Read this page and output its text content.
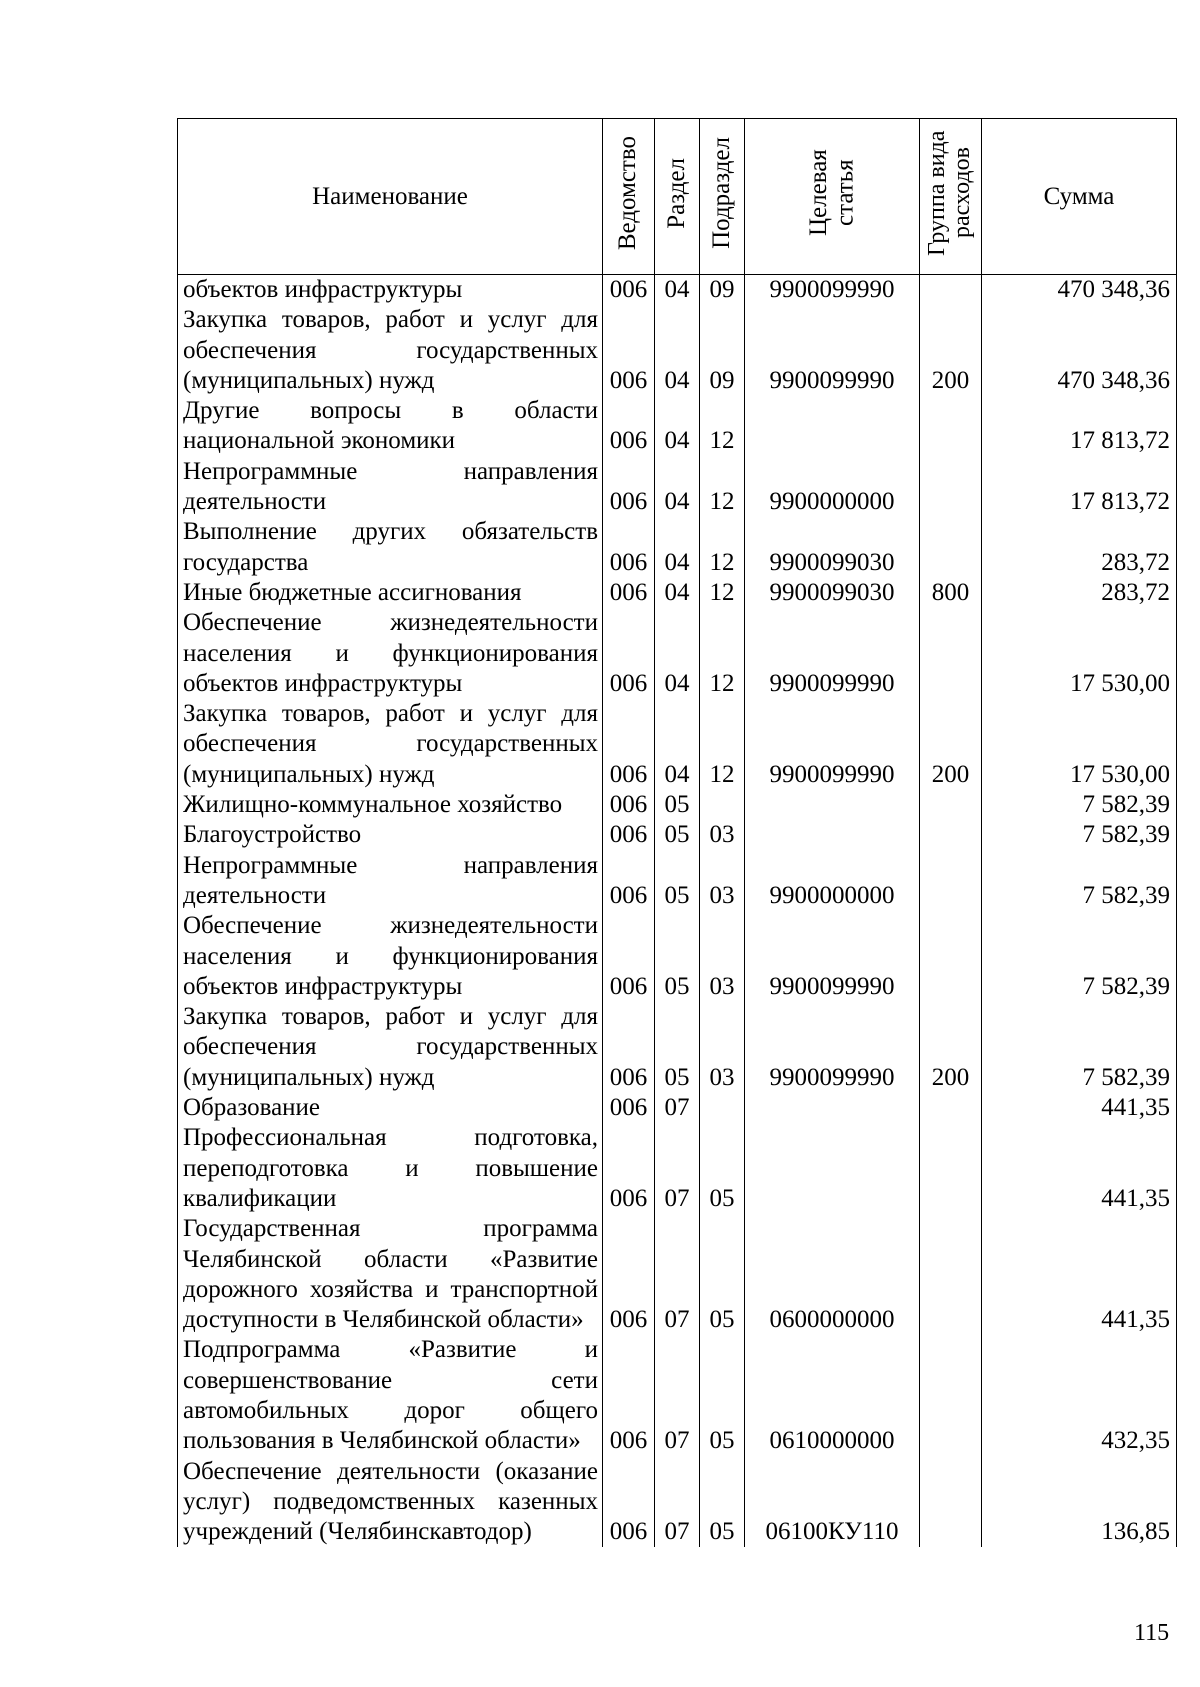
Наименование	Ведомство	Раздел	Подраздел	Целевая статья	Группа вида расходов	Сумма
объектов инфраструктуры	006	04	09	9900099990		470 348,36
Закупка товаров, работ и услуг для обеспечения государственных (муниципальных) нужд	006	04	09	9900099990	200	470 348,36
Другие вопросы в области национальной экономики	006	04	12			17 813,72
Непрограммные направления деятельности	006	04	12	9900000000		17 813,72
Выполнение других обязательств государства	006	04	12	9900099030		283,72
Иные бюджетные ассигнования	006	04	12	9900099030	800	283,72
Обеспечение жизнедеятельности населения и функционирования объектов инфраструктуры	006	04	12	9900099990		17 530,00
Закупка товаров, работ и услуг для обеспечения государственных (муниципальных) нужд	006	04	12	9900099990	200	17 530,00
Жилищно-коммунальное хозяйство	006	05				7 582,39
Благоустройство	006	05	03			7 582,39
Непрограммные направления деятельности	006	05	03	9900000000		7 582,39
Обеспечение жизнедеятельности населения и функционирования объектов инфраструктуры	006	05	03	9900099990		7 582,39
Закупка товаров, работ и услуг для обеспечения государственных (муниципальных) нужд	006	05	03	9900099990	200	7 582,39
Образование	006	07				441,35
Профессиональная подготовка, переподготовка и повышение квалификации	006	07	05			441,35
Государственная программа Челябинской области «Развитие дорожного хозяйства и транспортной доступности в Челябинской области»	006	07	05	0600000000		441,35
Подпрограмма «Развитие и совершенствование сети автомобильных дорог общего пользования в Челябинской области»	006	07	05	0610000000		432,35
Обеспечение деятельности (оказание услуг) подведомственных казенных учреждений (Челябинскавтодор)	006	07	05	06100КУ110		136,85
115
